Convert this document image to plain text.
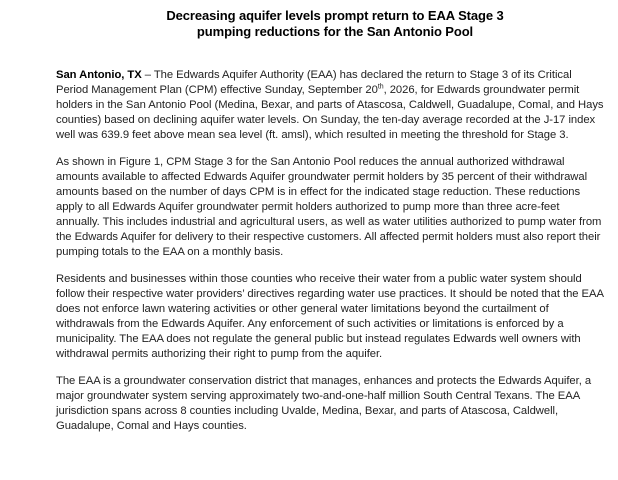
Decreasing aquifer levels prompt return to EAA Stage 3
pumping reductions for the San Antonio Pool

San Antonio, TX – The Edwards Aquifer Authority (EAA) has declared the return to Stage 3 of its Critical Period Management Plan (CPM) effective Sunday, September 20th, 2026, for Edwards groundwater permit holders in the San Antonio Pool (Medina, Bexar, and parts of Atascosa, Caldwell, Guadalupe, Comal, and Hays counties) based on declining aquifer water levels. On Sunday, the ten-day average recorded at the J-17 index well was 639.9 feet above mean sea level (ft. amsl), which resulted in meeting the threshold for Stage 3.

As shown in Figure 1, CPM Stage 3 for the San Antonio Pool reduces the annual authorized withdrawal amounts available to affected Edwards Aquifer groundwater permit holders by 35 percent of their withdrawal amounts based on the number of days CPM is in effect for the indicated stage reduction. These reductions apply to all Edwards Aquifer groundwater permit holders authorized to pump more than three acre-feet annually. This includes industrial and agricultural users, as well as water utilities authorized to pump water from the Edwards Aquifer for delivery to their respective customers. All affected permit holders must also report their pumping totals to the EAA on a monthly basis.

Residents and businesses within those counties who receive their water from a public water system should follow their respective water providers’ directives regarding water use practices. It should be noted that the EAA does not enforce lawn watering activities or other general water limitations beyond the curtailment of withdrawals from the Edwards Aquifer. Any enforcement of such activities or limitations is enforced by a municipality. The EAA does not regulate the general public but instead regulates Edwards well owners with withdrawal permits authorizing their right to pump from the aquifer.

The EAA is a groundwater conservation district that manages, enhances and protects the Edwards Aquifer, a major groundwater system serving approximately two-and-one-half million South Central Texans. The EAA jurisdiction spans across 8 counties including Uvalde, Medina, Bexar, and parts of Atascosa, Caldwell, Guadalupe, Comal and Hays counties.
